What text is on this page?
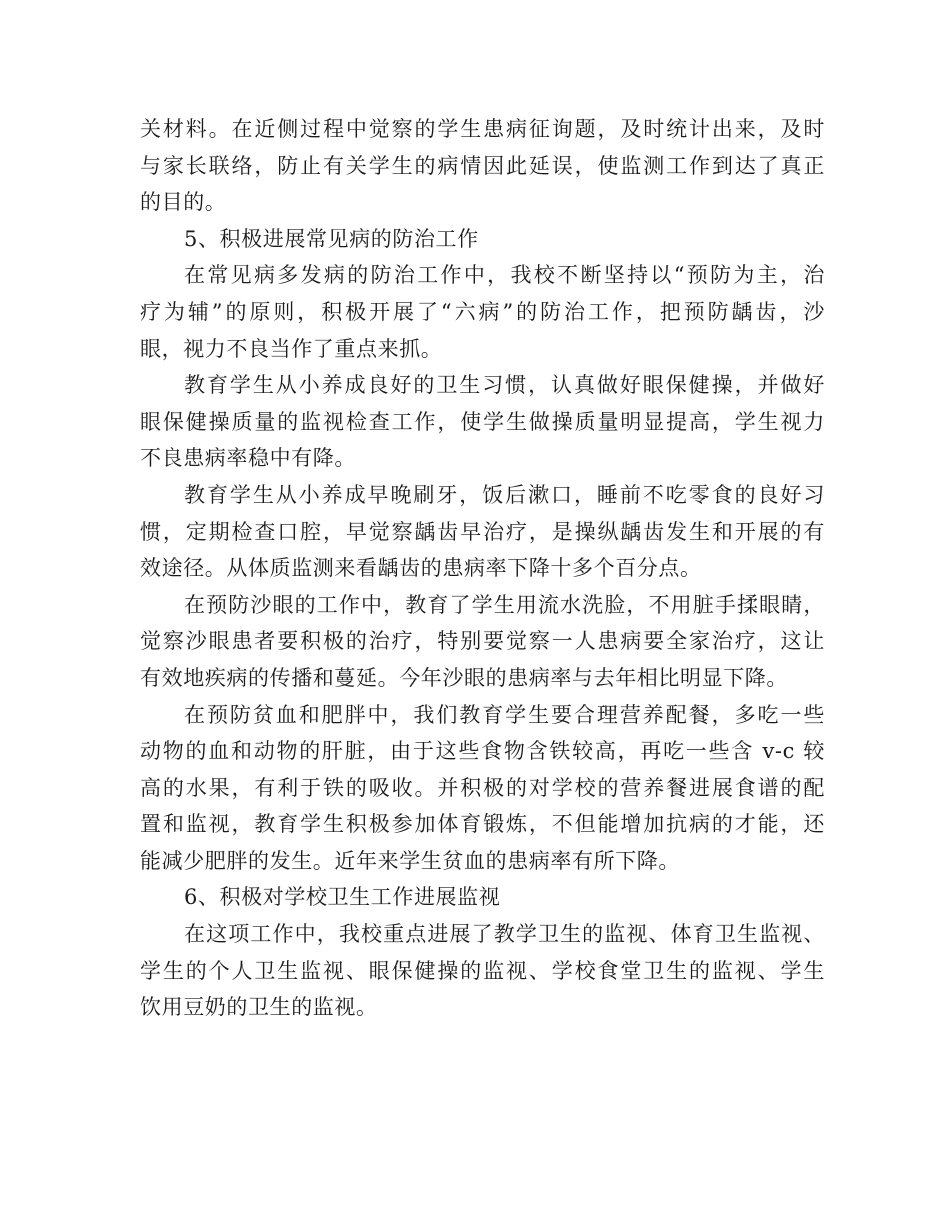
关材料。在近侧过程中觉察的学生患病征询题，及时统计出来，及时
与家长联络，防止有关学生的病情因此延误，使监测工作到达了真正
的目的。
5、积极进展常见病的防治工作
在常见病多发病的防治工作中，我校不断坚持以“预防为主，治
疗为辅”的原则，积极开展了“六病”的防治工作，把预防龋齿，沙
眼，视力不良当作了重点来抓。
教育学生从小养成良好的卫生习惯，认真做好眼保健操，并做好
眼保健操质量的监视检查工作，使学生做操质量明显提高，学生视力
不良患病率稳中有降。
教育学生从小养成早晚刷牙，饭后漱口，睡前不吃零食的良好习
惯，定期检查口腔，早觉察龋齿早治疗，是操纵龋齿发生和开展的有
效途径。从体质监测来看龋齿的患病率下降十多个百分点。
在预防沙眼的工作中，教育了学生用流水洗脸，不用脏手揉眼睛，
觉察沙眼患者要积极的治疗，特别要觉察一人患病要全家治疗，这让
有效地疾病的传播和蔓延。今年沙眼的患病率与去年相比明显下降。
在预防贫血和肥胖中，我们教育学生要合理营养配餐，多吃一些
动物的血和动物的肝脏，由于这些食物含铁较高，再吃一些含 v-c 较
高的水果，有利于铁的吸收。并积极的对学校的营养餐进展食谱的配
置和监视，教育学生积极参加体育锻炼，不但能增加抗病的才能，还
能减少肥胖的发生。近年来学生贫血的患病率有所下降。
6、积极对学校卫生工作进展监视
在这项工作中，我校重点进展了教学卫生的监视、体育卫生监视、
学生的个人卫生监视、眼保健操的监视、学校食堂卫生的监视、学生
饮用豆奶的卫生的监视。
